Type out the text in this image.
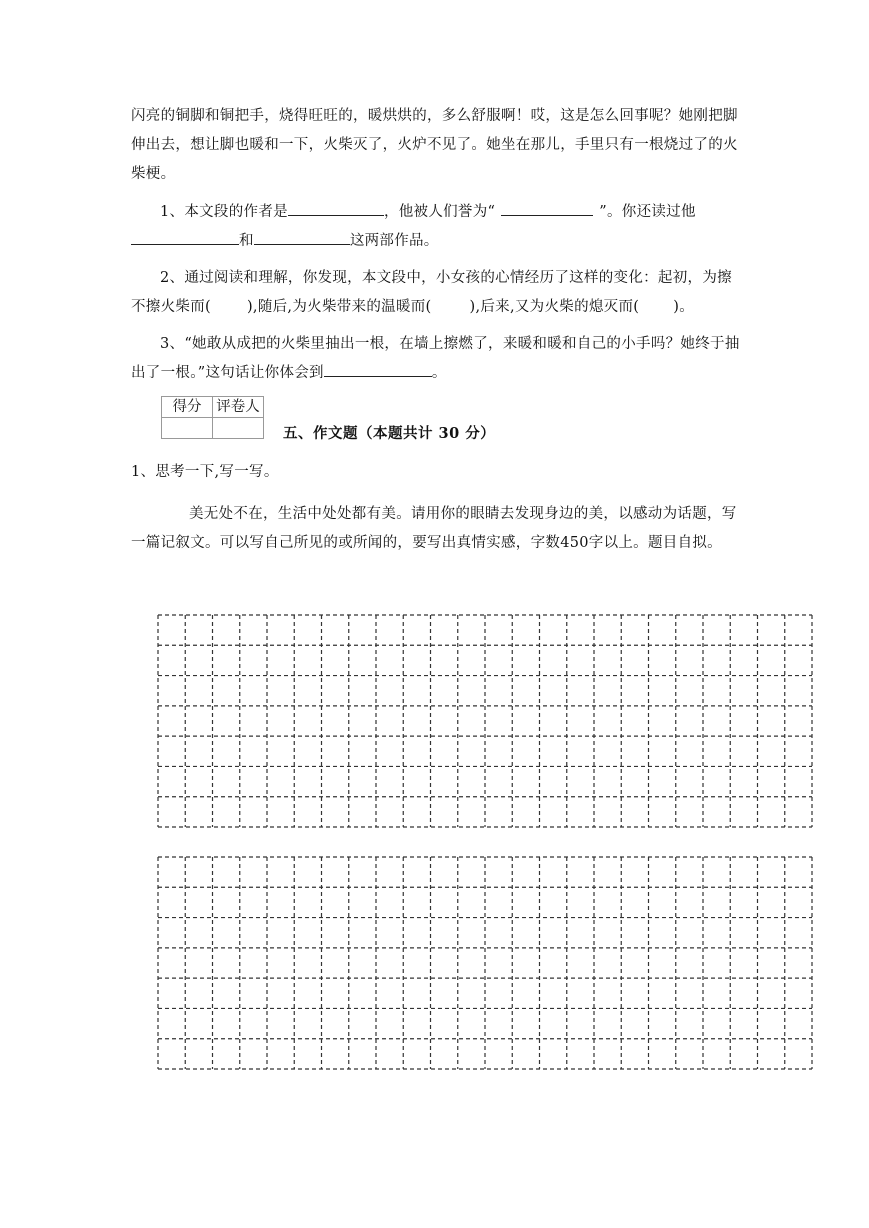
闪亮的铜脚和铜把手，烧得旺旺的，暖烘烘的，多么舒服啊！哎，这是怎么回事呢？她刚把脚伸出去，想让脚也暖和一下，火柴灭了，火炉不见了。她坐在那儿，手里只有一根烧过了的火柴梗。

1、本文段的作者是	，他被人们誉为“	”。你还读过他和	这两部作品。

2、通过阅读和理解，你发现，本文段中，小女孩的心情经历了这样的变化：起初，为擦不擦火柴而( ),随后,为火柴带来的温暖而(	),后来,又为火柴的熄灭而( )。

3、“她敢从成把的火柴里抽出一根，在墙上擦燃了，来暖和暖和自己的小手吗？她终于抽出了一根。”这句话让你体会到	。

得分	评卷人

五、作文题（本题共计 30 分）

1、思考一下,写一写。

美无处不在，生活中处处都有美。请用你的眼睛去发现身边的美，以感动为话题，写一篇记叙文。可以写自己所见的或所闻的，要写出真情实感，字数450字以上。题目自拟。
